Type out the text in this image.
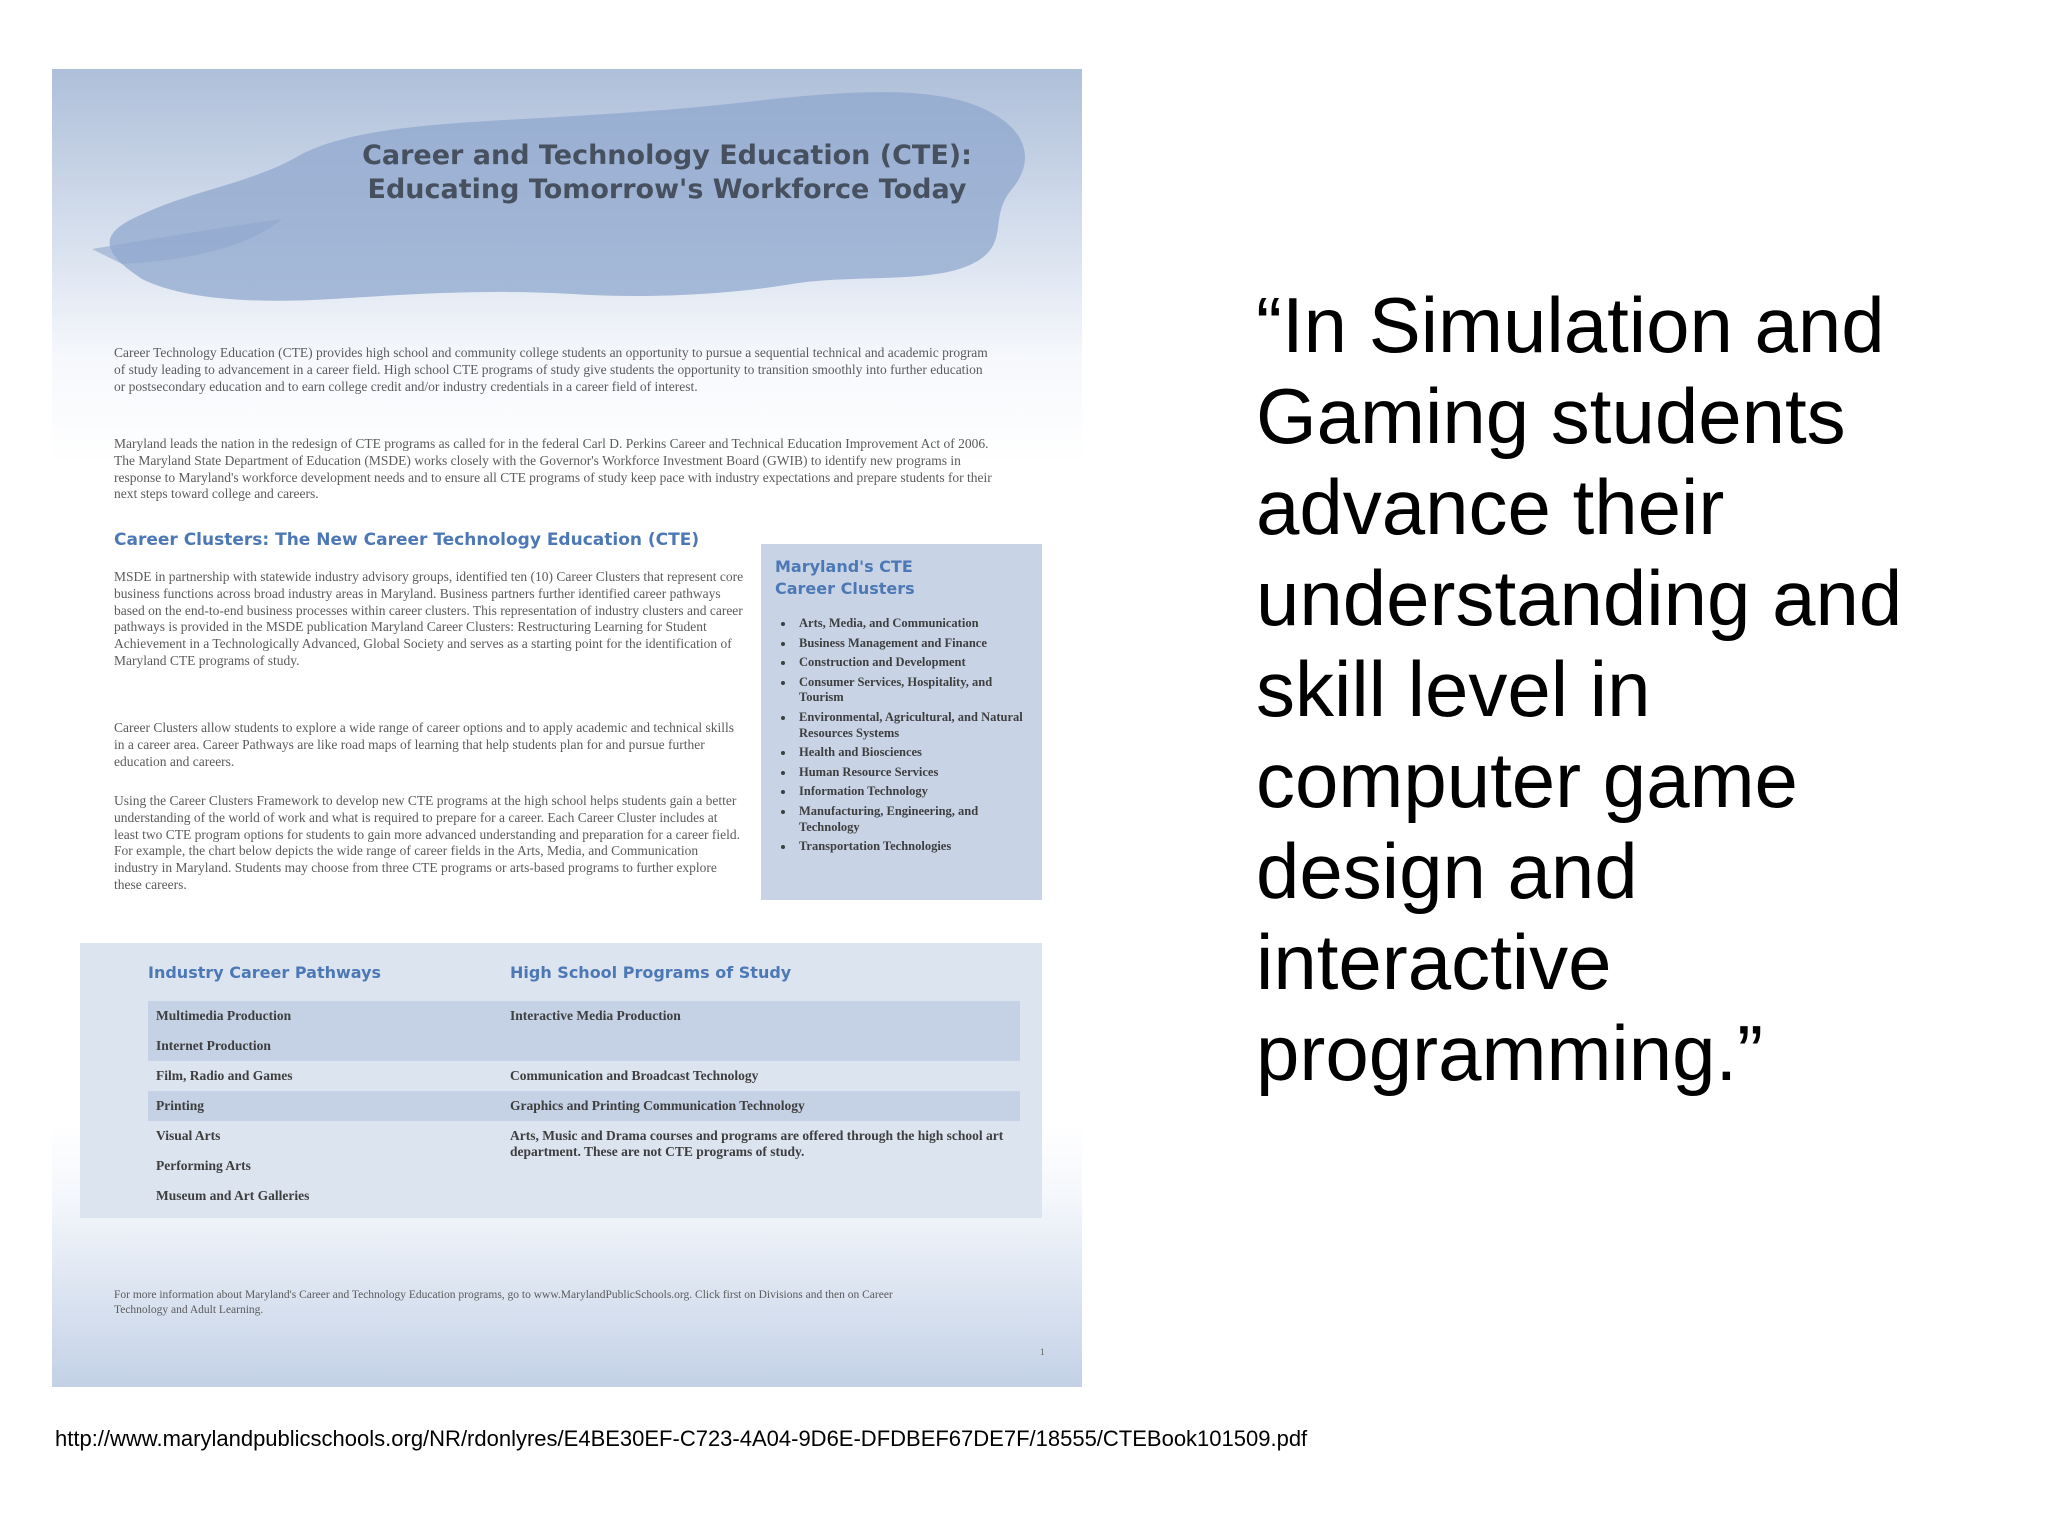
Career and Technology Education (CTE):
Educating Tomorrow's Workforce Today

Career Technology Education (CTE) provides high school and community college students an opportunity to pursue a sequential technical and academic program of study leading to advancement in a career field. High school CTE programs of study give students the opportunity to transition smoothly into further education or postsecondary education and to earn college credit and/or industry credentials in a career field of interest.

Maryland leads the nation in the redesign of CTE programs as called for in the federal Carl D. Perkins Career and Technical Education Improvement Act of 2006. The Maryland State Department of Education (MSDE) works closely with the Governor's Workforce Investment Board (GWIB) to identify new programs in response to Maryland's workforce development needs and to ensure all CTE programs of study keep pace with industry expectations and prepare students for their next steps toward college and careers.

Career Clusters: The New Career Technology Education (CTE)

MSDE in partnership with statewide industry advisory groups, identified ten (10) Career Clusters that represent core business functions across broad industry areas in Maryland. Business partners further identified career pathways based on the end-to-end business processes within career clusters. This representation of industry clusters and career pathways is provided in the MSDE publication Maryland Career Clusters: Restructuring Learning for Student Achievement in a Technologically Advanced, Global Society and serves as a starting point for the identification of Maryland CTE programs of study.

Career Clusters allow students to explore a wide range of career options and to apply academic and technical skills in a career area. Career Pathways are like road maps of learning that help students plan for and pursue further education and careers.

Using the Career Clusters Framework to develop new CTE programs at the high school helps students gain a better understanding of the world of work and what is required to prepare for a career. Each Career Cluster includes at least two CTE program options for students to gain more advanced understanding and preparation for a career field. For example, the chart below depicts the wide range of career fields in the Arts, Media, and Communication industry in Maryland. Students may choose from three CTE programs or arts-based programs to further explore these careers.

Maryland's CTE Career Clusters

• Arts, Media, and Communication
• Business Management and Finance
• Construction and Development
• Consumer Services, Hospitality, and Tourism
• Environmental, Agricultural, and Natural Resources Systems
• Health and Biosciences
• Human Resource Services
• Information Technology
• Manufacturing, Engineering, and Technology
• Transportation Technologies

Industry Career Pathways	High School Programs of Study

Multimedia Production	Interactive Media Production
Internet Production
Film, Radio and Games	Communication and Broadcast Technology
Printing	Graphics and Printing Communication Technology
Visual Arts	Arts, Music and Drama courses and programs are offered through the high school art department. These are not CTE programs of study.
Performing Arts
Museum and Art Galleries

For more information about Maryland's Career and Technology Education programs, go to www.MarylandPublicSchools.org. Click first on Divisions and then on Career Technology and Adult Learning.

1

“In Simulation and Gaming students advance their understanding and skill level in computer game design and interactive programming.”

http://www.marylandpublicschools.org/NR/rdonlyres/E4BE30EF-C723-4A04-9D6E-DFDBEF67DE7F/18555/CTEBook101509.pdf
